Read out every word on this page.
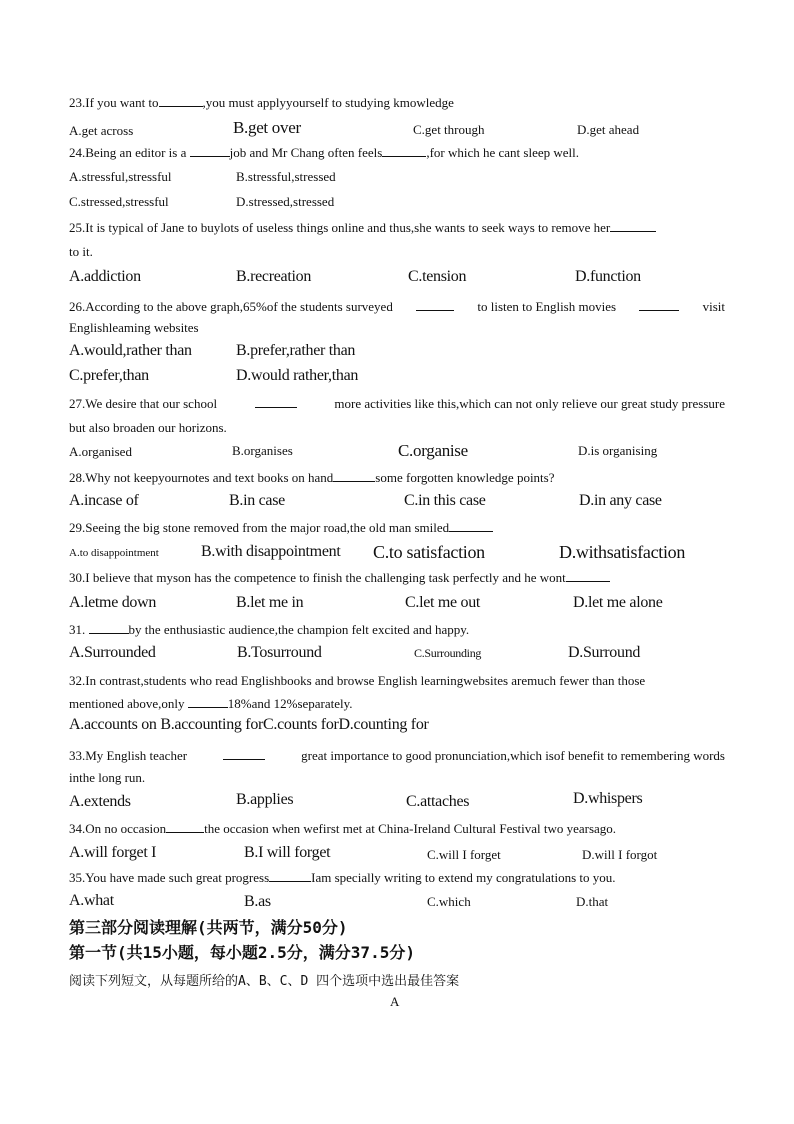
23.If you want to	,you must applyyourself to studying kmowledge
A.get across	B.get over	C.get through	D.get ahead
24.Being an editor is a	job and Mr Chang often feels	,for which he cant sleep well.
A.stressful,stressful	B.stressful,stressed
C.stressed,stressful	D.stressed,stressed
25.It is typical of Jane to buylots of useless things online and thus,she wants to seek ways to remove her
to it.
A.addiction	B.recreation	C.tension	D.function
26.According to the above graph,65%of the students surveyed	to listen to English movies	visit
Englishleaming websites
A.would,rather than	B.prefer,rather than
C.prefer,than	D.would rather,than
27.We desire that our school	more activities like this,which can not only relieve our great study pressure
but also broaden our horizons.
A.organised	B.organises	C.organise	D.is organising
28.Why not keepyournotes and text books on hand	some forgotten knowledge points?
A.incase of	B.in case	C.in this case	D.in any case
29.Seeing the big stone removed from the major road,the old man smiled
A.to disappointment	B.with disappointment C.to satisfaction	D.withsatisfaction
30.I believe that myson has the competence to finish the challenging task perfectly and he wont
A.letme down	B.let me in	C.let me out	D.let me alone
31.	by the enthusiastic audience,the champion felt excited and happy.
A.Surrounded	B.Tosurround	C.Surrounding	D.Surround
32.In contrast,students who read Englishbooks and browse English learningwebsites aremuch fewer than those
mentioned above,only	18%and 12%separately.
A.accounts on B.accounting forC.counts forD.counting for
33.My English teacher	great importance to good pronunciation,which isof benefit to remembering words
inthe long run.
A.extends	B.applies	C.attaches	D.whispers
34.On no occasion	the occasion when wefirst met at China-Ireland Cultural Festival two yearsago.
A.will forget I	B.I will forget	C.will I forget	D.will I forgot
35.You have made such great progress	Iam specially writing to extend my congratulations to you.
A.what	B.as	C.which	D.that
第三部分阅读理解(共两节，满分50分)
第一节(共15小题，每小题2.5分，满分37.5分)
阅读下列短文，从每题所给的A、B、C、D 四个选项中选出最佳答案
A
